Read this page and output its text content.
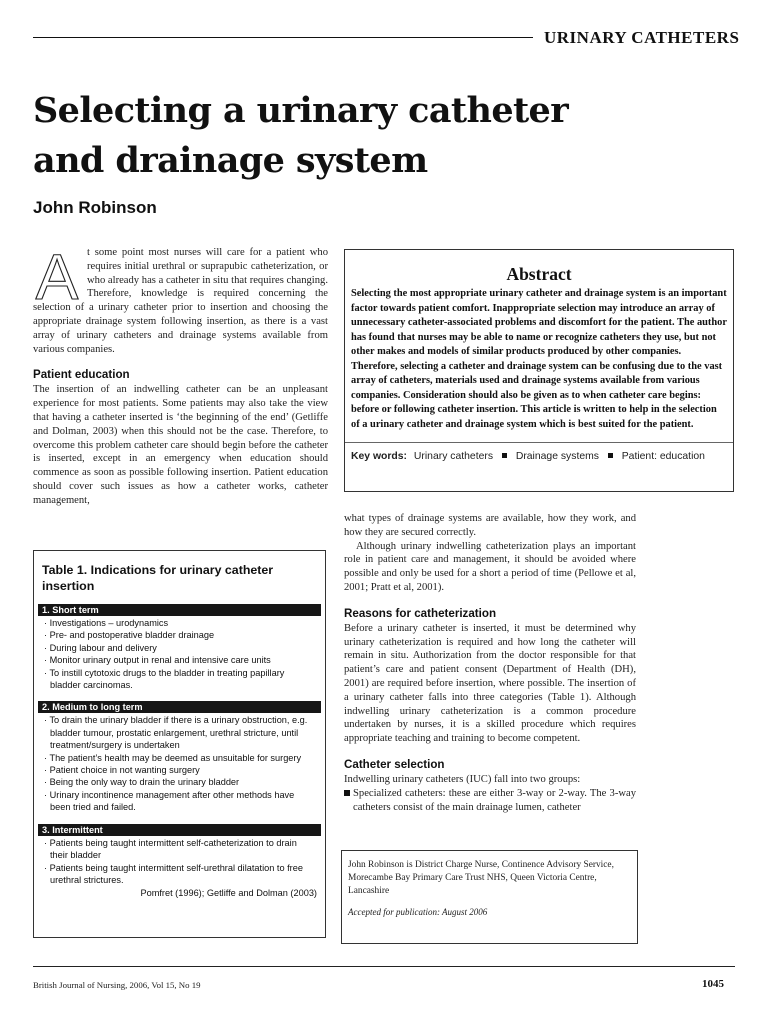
URINARY CATHETERS
Selecting a urinary catheter
and drainage system
John Robinson
A t some point most nurses will care for a patient who requires initial urethral or suprapubic catheterization, or who already has a catheter in situ that requires changing. Therefore, knowledge is required concerning the selection of a urinary catheter prior to insertion and choosing the appropriate drainage system following insertion, as there is a vast array of urinary catheters and drainage systems available from various companies.
Patient education
The insertion of an indwelling catheter can be an unpleasant experience for most patients. Some patients may also take the view that having a catheter inserted is ‘the beginning of the end’ (Getliffe and Dolman, 2003) when this should not be the case. Therefore, to overcome this problem catheter care should begin before the catheter is inserted, except in an emergency when education should commence as soon as possible following insertion. Patient education should cover such issues as how a catheter works, catheter management,
Abstract
Selecting the most appropriate urinary catheter and drainage system is an important factor towards patient comfort. Inappropriate selection may introduce an array of unnecessary catheter-associated problems and discomfort for the patient. The author has found that nurses may be able to name or recognize catheters they use, but not other makes and models of similar products produced by other companies. Therefore, selecting a catheter and drainage system can be confusing due to the vast array of catheters, materials used and drainage systems available from various companies. Consideration should also be given as to when catheter care begins: before or following catheter insertion. This article is written to help in the selection of a urinary catheter and drainage system which is best suited for the patient.
Key words: Urinary catheters Drainage systems Patient: education
Table 1. Indications for urinary catheter insertion
1. Short term
· Investigations – urodynamics
· Pre- and postoperative bladder drainage
· During labour and delivery
· Monitor urinary output in renal and intensive care units
· To instill cytotoxic drugs to the bladder in treating papillary bladder carcinomas.
2. Medium to long term
· To drain the urinary bladder if there is a urinary obstruction, e.g. bladder tumour, prostatic enlargement, urethral stricture, until treatment/surgery is undertaken
· The patient’s health may be deemed as unsuitable for surgery
· Patient choice in not wanting surgery
· Being the only way to drain the urinary bladder
· Urinary incontinence management after other methods have been tried and failed.
3. Intermittent
· Patients being taught intermittent self-catheterization to drain their bladder
· Patients being taught intermittent self-urethral dilatation to free urethral strictures.
Pomfret (1996); Getliffe and Dolman (2003)

what types of drainage systems are available, how they work, and how they are secured correctly.

Although urinary indwelling catheterization plays an important role in patient care and management, it should be avoided where possible and only be used for a short a period of time (Pellowe et al, 2001; Pratt et al, 2001).

Reasons for catheterization
Before a urinary catheter is inserted, it must be determined why urinary catheterization is required and how long the catheter will remain in situ. Authorization from the doctor responsible for that patient’s care and patient consent (Department of Health (DH), 2001) are required before insertion, where possible. The insertion of a urinary catheter falls into three categories (Table 1). Although indwelling urinary catheterization is a common procedure undertaken by nurses, it is a skilled procedure which requires appropriate teaching and training to become competent.
Catheter selection
Indwelling urinary catheters (IUC) fall into two groups:
Specialized catheters: these are either 3-way or 2-way. The 3-way catheters consist of the main drainage lumen, catheter
John Robinson is District Charge Nurse, Continence Advisory Service, Morecambe Bay Primary Care Trust NHS, Queen Victoria Centre, Lancashire
Accepted for publication: August 2006
British Journal of Nursing, 2006, Vol 15, No 19	1045
